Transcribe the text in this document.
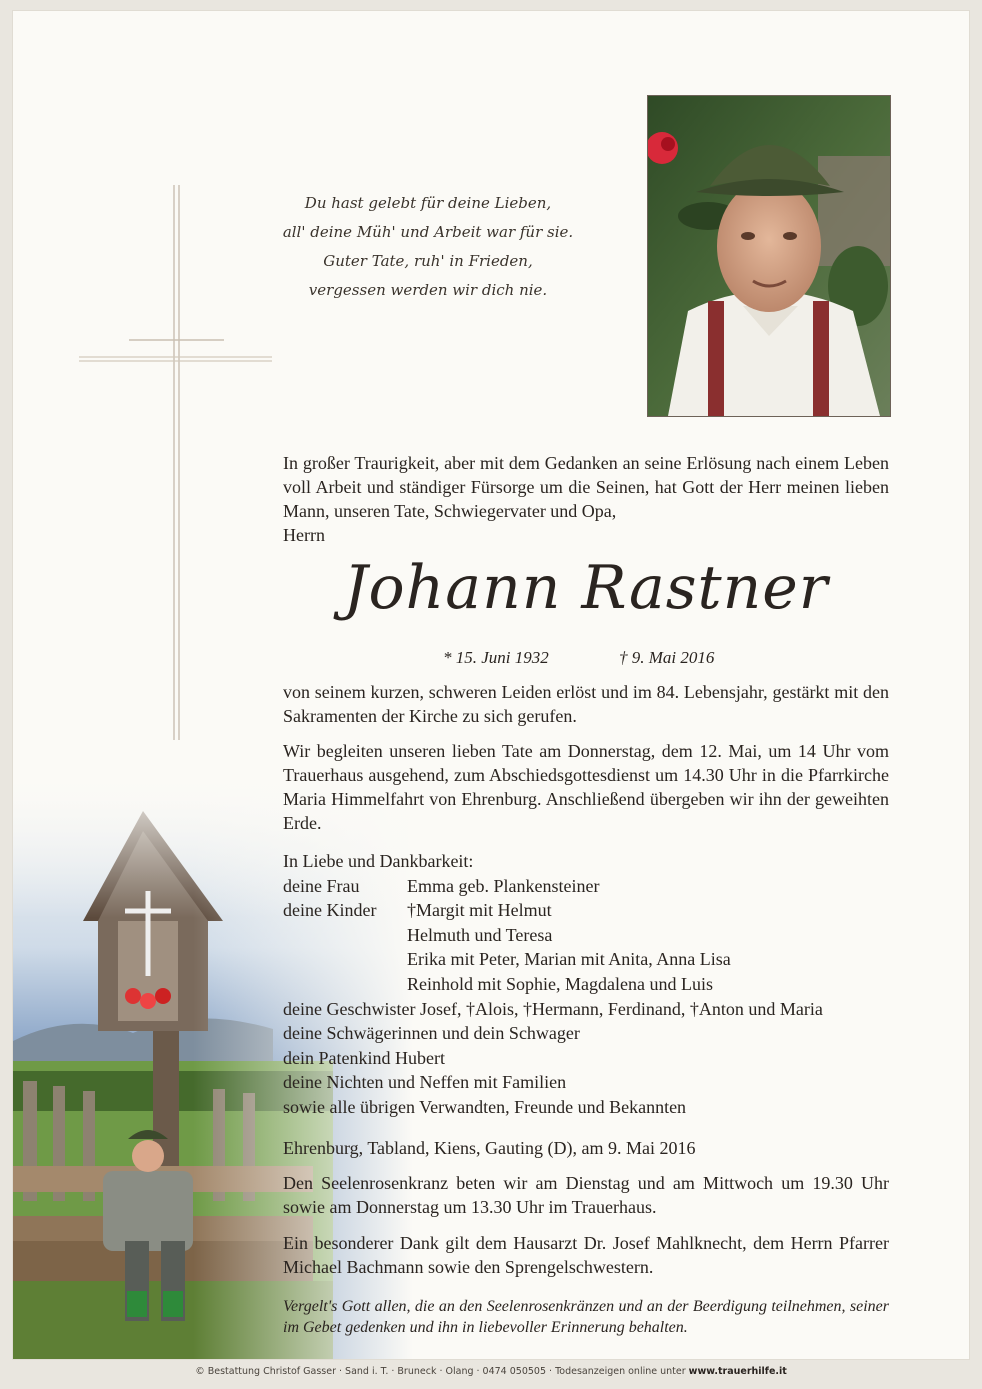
Du hast gelebt für deine Lieben,
all' deine Müh' und Arbeit war für sie.
Guter Tate, ruh' in Frieden,
vergessen werden wir dich nie.
In großer Traurigkeit, aber mit dem Gedanken an seine Erlösung nach einem Leben voll Arbeit und ständiger Fürsorge um die Seinen, hat Gott der Herr meinen lieben Mann, unseren Tate, Schwiegervater und Opa,
Herrn
Johann Rastner
* 15. Juni 1932	† 9. Mai 2016
von seinem kurzen, schweren Leiden erlöst und im 84. Lebensjahr, gestärkt mit den Sakramenten der Kirche zu sich gerufen.
Wir begleiten unseren lieben Tate am Donnerstag, dem 12. Mai, um 14 Uhr vom Trauerhaus ausgehend, zum Abschiedsgottesdienst um 14.30 Uhr in die Pfarrkirche Maria Himmelfahrt von Ehrenburg. Anschließend übergeben wir ihn der geweihten Erde.
In Liebe und Dankbarkeit:
deine Frau	Emma geb. Plankensteiner
deine Kinder †Margit mit Helmut
Helmuth und Teresa
Erika mit Peter, Marian mit Anita, Anna Lisa
Reinhold mit Sophie, Magdalena und Luis
deine Geschwister Josef, †Alois, †Hermann, Ferdinand, †Anton und Maria
deine Schwägerinnen und dein Schwager
dein Patenkind Hubert
deine Nichten und Neffen mit Familien
sowie alle übrigen Verwandten, Freunde und Bekannten
Ehrenburg, Tabland, Kiens, Gauting (D), am 9. Mai 2016
Den Seelenrosenkranz beten wir am Dienstag und am Mittwoch um 19.30 Uhr sowie am Donnerstag um 13.30 Uhr im Trauerhaus.
Ein besonderer Dank gilt dem Hausarzt Dr. Josef Mahlknecht, dem Herrn Pfarrer Michael Bachmann sowie den Sprengelschwestern.
Vergelt's Gott allen, die an den Seelenrosenkränzen und an der Beerdigung teilnehmen, seiner im Gebet gedenken und ihn in liebevoller Erinnerung behalten.
© Bestattung Christof Gasser · Sand i. T. · Bruneck · Olang · 0474 050505 · Todesanzeigen online unter www.trauerhilfe.it
